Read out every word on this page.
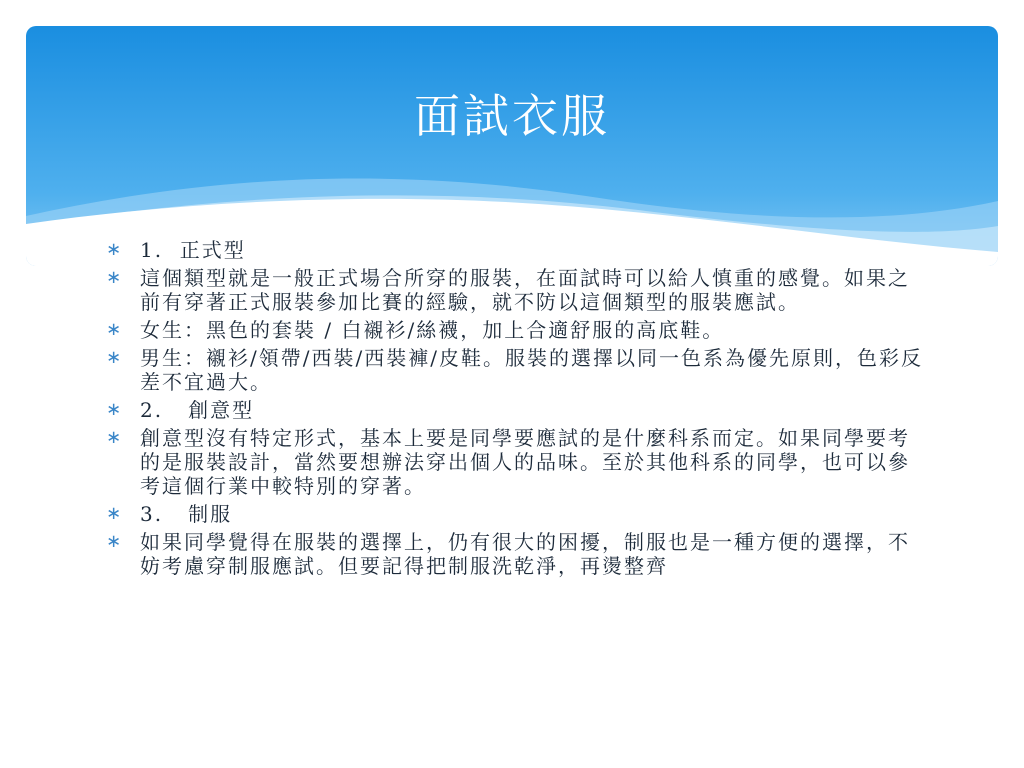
面試衣服
∗ 1.  正式型
∗ 這個類型就是一般正式場合所穿的服裝，在面試時可以給人慎重的感覺。如果之前有穿著正式服裝參加比賽的經驗，就不防以這個類型的服裝應試。
∗ 女生：黑色的套裝 / 白襯衫/絲襪，加上合適舒服的高底鞋。
∗ 男生：襯衫/領帶/西裝/西裝褲/皮鞋。服裝的選擇以同一色系為優先原則，色彩反差不宜過大。
∗ 2.   創意型
∗ 創意型沒有特定形式，基本上要是同學要應試的是什麼科系而定。如果同學要考的是服裝設計，當然要想辦法穿出個人的品味。至於其他科系的同學，也可以參考這個行業中較特別的穿著。
∗ 3.   制服
∗ 如果同學覺得在服裝的選擇上，仍有很大的困擾，制服也是一種方便的選擇，不妨考慮穿制服應試。但要記得把制服洗乾淨，再燙整齊
